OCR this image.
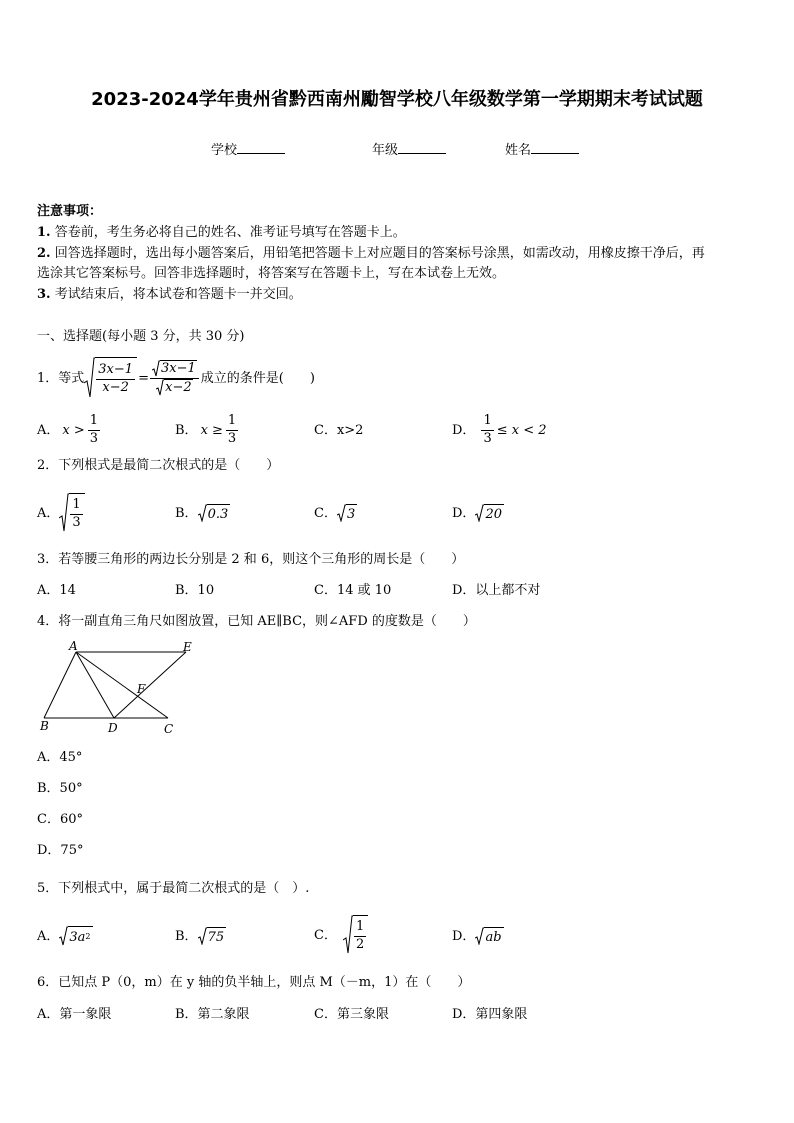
2023-2024学年贵州省黔西南州勵智学校八年级数学第一学期期末考试试题
学校	年级	姓名
注意事项：
1. 答卷前，考生务必将自己的姓名、准考证号填写在答题卡上。
2. 回答选择题时，选出每小题答案后，用铅笔把答题卡上对应题目的答案标号涂黑，如需改动，用橡皮擦干净后，再
选涂其它答案标号。回答非选择题时，将答案写在答题卡上，写在本试卷上无效。
3. 考试结束后，将本试卷和答题卡一并交回。
一、选择题(每小题 3 分，共 30 分)
1．等式 $\frac{3x-1}{x-2} = \frac{3x-1}{x-2}$ 成立的条件是(　　)
A． $x > \frac{1}{3}$	B． $x \ge \frac{1}{3}$	C．x>2	D． $\frac{1}{3} \le x < 2$
2．下列根式是最简二次根式的是（　　）
A． $\frac{1}{3}$	B． 0.3	C． 3	D． 20
3．若等腰三角形的两边长分别是 2 和 6，则这个三角形的周长是（　　）
A．14	B．10	C．14 或 10	D．以上都不对
4．将一副直角三角尺如图放置，已知 AE∥BC，则∠AFD 的度数是（　　）
A	E
F
B	D	C
A．45°
B．50°
C．60°
D．75°
5．下列根式中，属于最简二次根式的是（　）.
A． 3a 2	B． 75	C． $\frac{1}{2}$	D． ab
6．已知点 P（0，m）在 y 轴的负半轴上，则点 M（－m，1）在（　　）
A．第一象限	B．第二象限	C．第三象限	D．第四象限
